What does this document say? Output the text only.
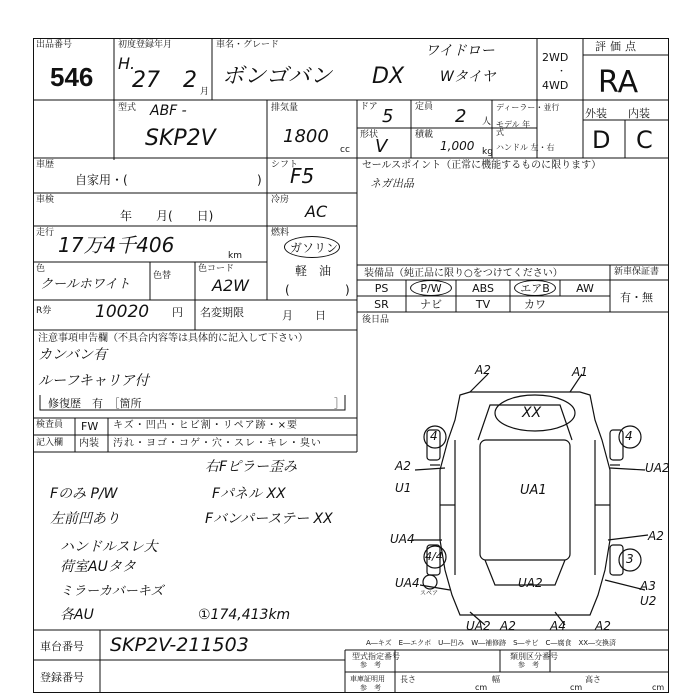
出品番号
546
初度登録年月
H.
27 2 月
車名・グレード
ボンゴバン DX
ワイドロー
Wタイヤ
2WD
・
4WD
評価点
RA
型式 ABF -
SKP2V
排気量
1800
cc
ドア 5 定員 2 人
ディーラー・並行
モデル 年式
形状
V
積載
1,000 kg ハンドル 左・右
外装 内装
D C
車歴
自家用・(	)
シフト
F5	セールスポイント（正常に機能するものに限ります）
ネガ出品
車検
年　　月(　　日)
冷房
AC
走行 17万4千406	km
燃料
ガソリン
軽　油
(	)
色
クールホワイト
色替
色コード
A2W
R券	10020 円 名変期限	月　　日
装備品（純正品に限り○をつけてください）	新車保証書
有・無
PS	P/W	ABS	エアB	AW
SR	ナビ	TV	カワ
後日品
注意事項申告欄（不具合内容等は具体的に記入して下さい）
カンバン有
ルーフキャリア付
修復歴　有　［箇所	］
検査員
記入欄
FW
内装
キズ・凹凸・ヒビ割・リペア跡・×要
汚れ・ヨゴ・コゲ・穴・スレ・キレ・臭い
右Fピラー歪み
Fのみ P/W	Fパネル XX
左前凹あり	Fバンパーステー XX
ハンドルスレ大
荷室AUタタ
ミラーカバーキズ
各AU	①174,413km
A2	A1
XX
4	4
A2
U1
UA2
UA1
UA4	A2
4/4	3
UA4	UA2	A3
U2
UA2 A2	A4 A2
スペア
A―キズ　E―エクボ　U―凹み　W―補修跡　S―サビ　C―腐食　XX―交換済
車台番号 SKP2V-211503
登録番号
型式指定番号
参　考
類別区分番号
参　考
車庫証明用
参　考
長さ
cm
幅
cm
高さ
cm
